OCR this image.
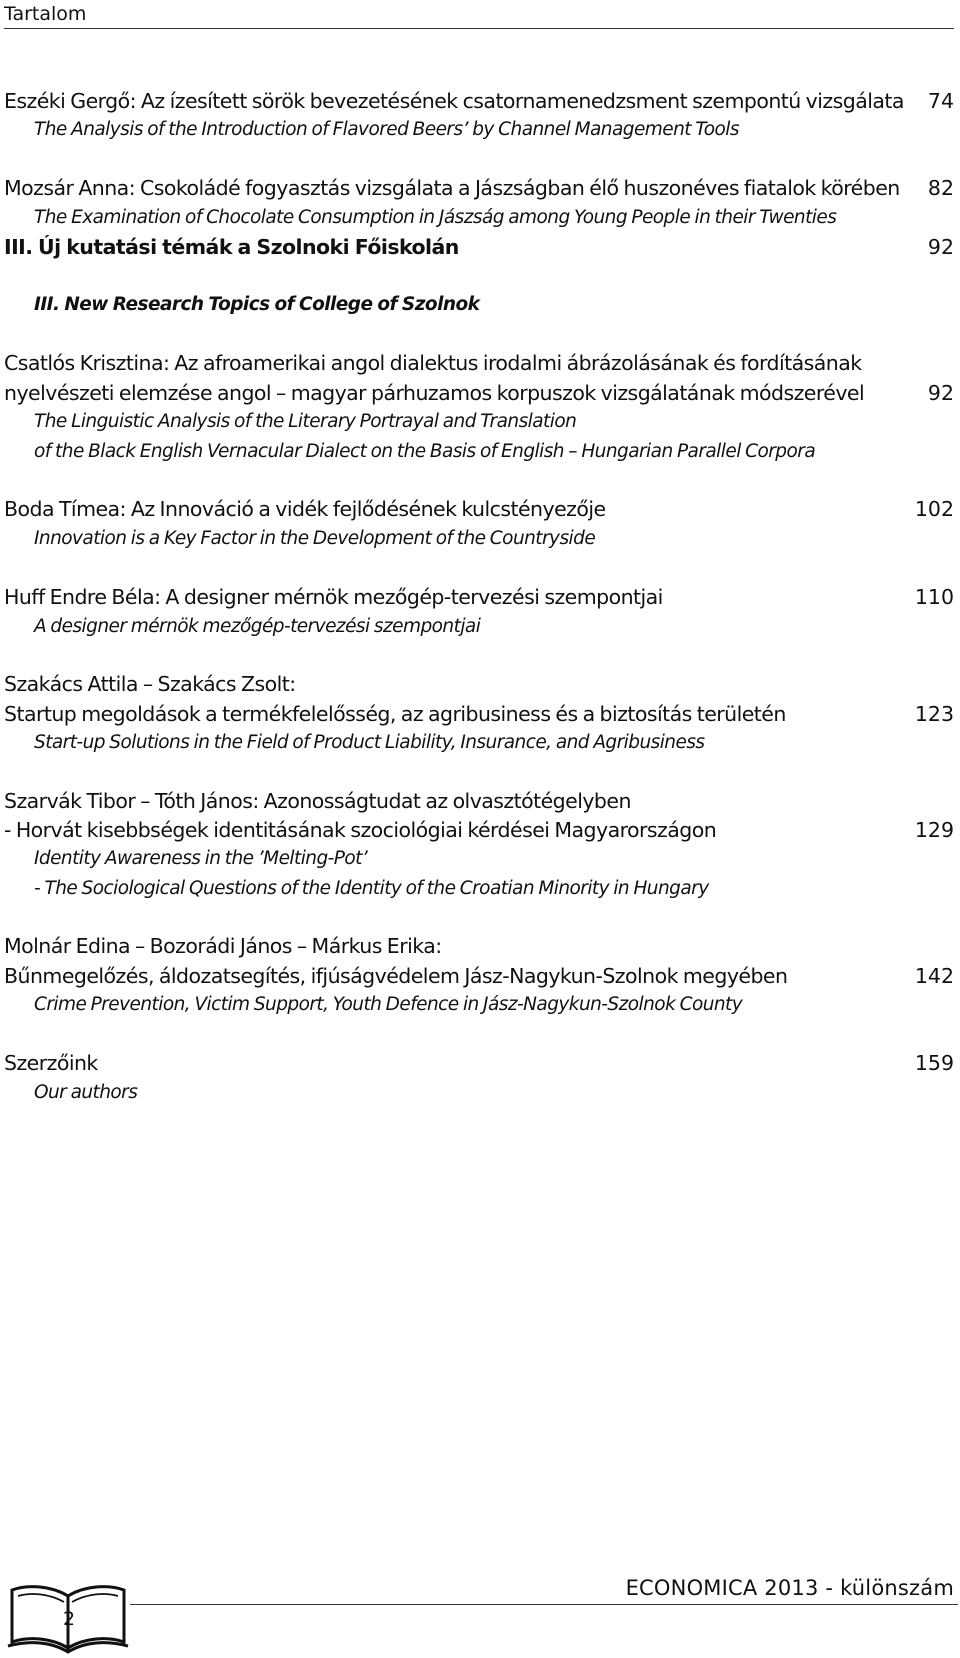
Tartalom
Eszéki Gergő: Az ízesített sörök bevezetésének csatornamenedzsment szempontú vizsgálata 74
The Analysis of the Introduction of Flavored Beers’ by Channel Management Tools
Mozsár Anna: Csokoládé fogyasztás vizsgálata a Jászságban élő huszonéves fiatalok körében 82
The Examination of Chocolate Consumption in Jászság among Young People in their Twenties
III. Új kutatási témák a Szolnoki Főiskolán	92
III. New Research Topics of College of Szolnok
Csatlós Krisztina: Az afroamerikai angol dialektus irodalmi ábrázolásának és fordításának
nyelvészeti elemzése angol – magyar párhuzamos korpuszok vizsgálatának módszerével	92
The Linguistic Analysis of the Literary Portrayal and Translation
of the Black English Vernacular Dialect on the Basis of English – Hungarian Parallel Corpora
Boda Tímea: Az Innováció a vidék fejlődésének kulcstényezője	102
Innovation is a Key Factor in the Development of the Countryside
Huff Endre Béla: A designer mérnök mezőgép-tervezési szempontjai	110
A designer mérnök mezőgép-tervezési szempontjai
Szakács Attila – Szakács Zsolt:
Startup megoldások a termékfelelősség, az agribusiness és a biztosítás területén	123
Start-up Solutions in the Field of Product Liability, Insurance, and Agribusiness
Szarvák Tibor – Tóth János: Azonosságtudat az olvasztótégelyben
- Horvát kisebbségek identitásának szociológiai kérdései Magyarországon	129
Identity Awareness in the ’Melting-Pot’
- The Sociological Questions of the Identity of the Croatian Minority in Hungary
Molnár Edina – Bozorádi János – Márkus Erika:
Bűnmegelőzés, áldozatsegítés, ifjúságvédelem Jász-Nagykun-Szolnok megyében	142
Crime Prevention, Victim Support, Youth Defence in Jász-Nagykun-Szolnok County
Szerzőink	159
Our authors
2
ECONOMICA 2013 - különszám
